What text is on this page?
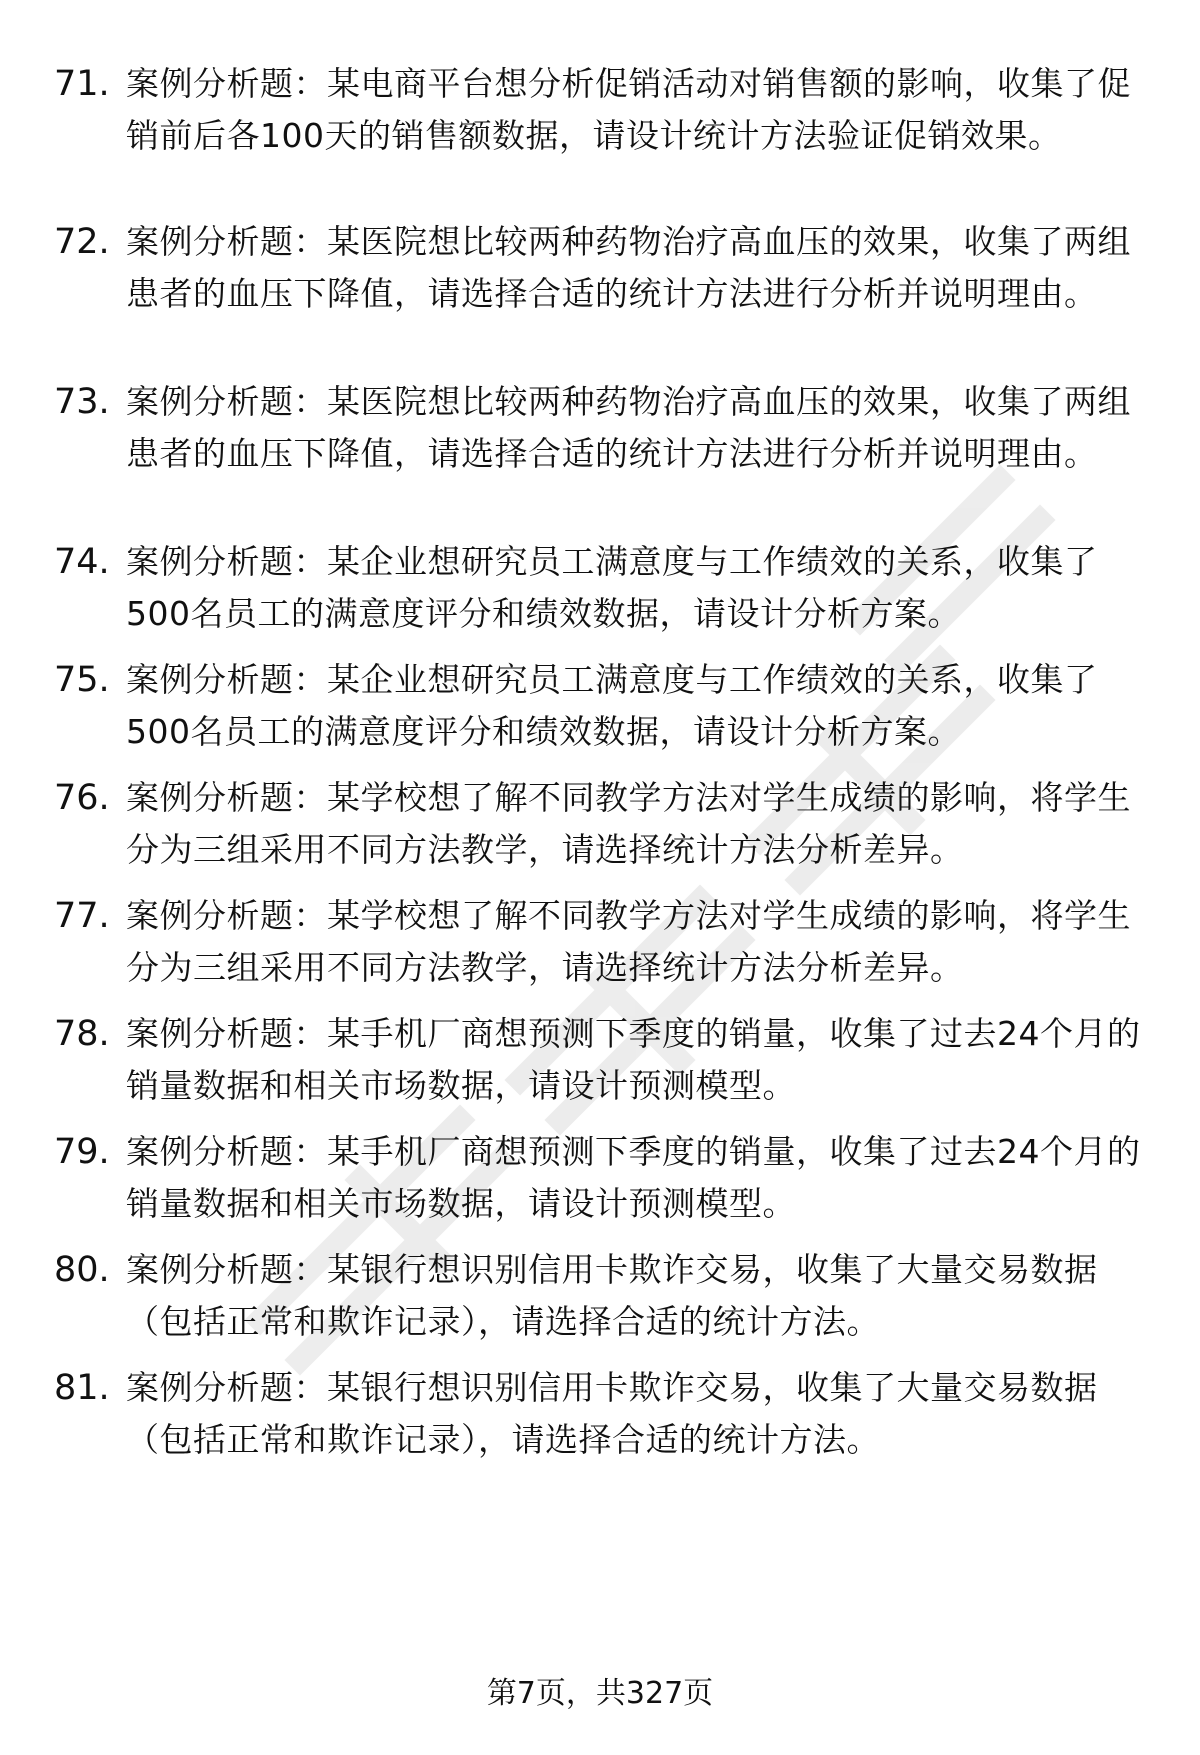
71. 案例分析题：某电商平台想分析促销活动对销售额的影响，收集了促销前后各100天的销售额数据，请设计统计方法验证促销效果。
72. 案例分析题：某医院想比较两种药物治疗高血压的效果，收集了两组患者的血压下降值，请选择合适的统计方法进行分析并说明理由。
73. 案例分析题：某医院想比较两种药物治疗高血压的效果，收集了两组患者的血压下降值，请选择合适的统计方法进行分析并说明理由。
74. 案例分析题：某企业想研究员工满意度与工作绩效的关系，收集了500名员工的满意度评分和绩效数据，请设计分析方案。
75. 案例分析题：某企业想研究员工满意度与工作绩效的关系，收集了500名员工的满意度评分和绩效数据，请设计分析方案。
76. 案例分析题：某学校想了解不同教学方法对学生成绩的影响，将学生分为三组采用不同方法教学，请选择统计方法分析差异。
77. 案例分析题：某学校想了解不同教学方法对学生成绩的影响，将学生分为三组采用不同方法教学，请选择统计方法分析差异。
78. 案例分析题：某手机厂商想预测下季度的销量，收集了过去24个月的销量数据和相关市场数据，请设计预测模型。
79. 案例分析题：某手机厂商想预测下季度的销量，收集了过去24个月的销量数据和相关市场数据，请设计预测模型。
80. 案例分析题：某银行想识别信用卡欺诈交易，收集了大量交易数据（包括正常和欺诈记录），请选择合适的统计方法。
81. 案例分析题：某银行想识别信用卡欺诈交易，收集了大量交易数据（包括正常和欺诈记录），请选择合适的统计方法。
第7页，共327页
